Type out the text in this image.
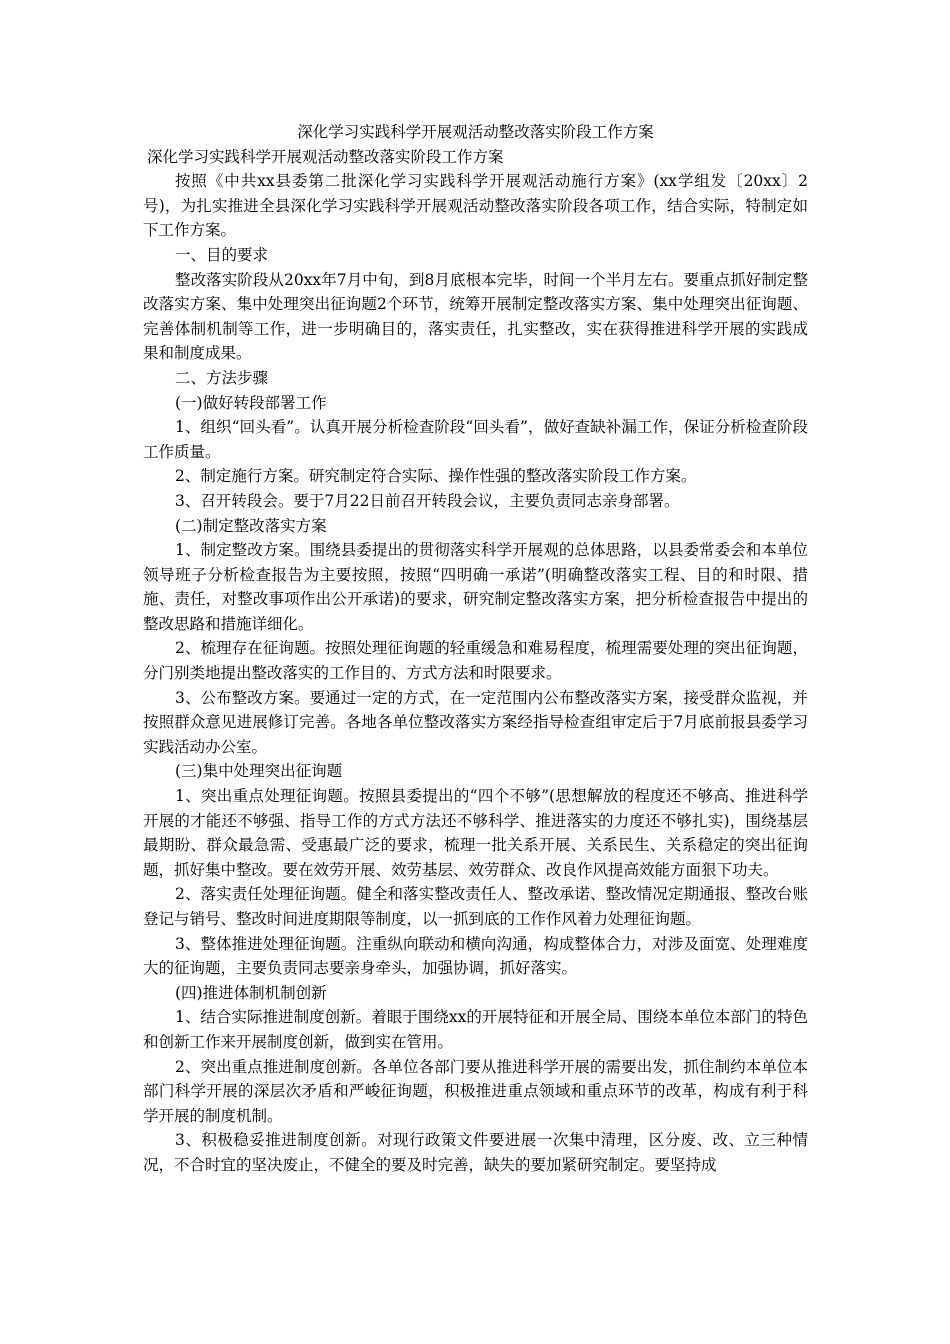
深化学习实践科学开展观活动整改落实阶段工作方案

深化学习实践科学开展观活动整改落实阶段工作方案

按照《中共xx县委第二批深化学习实践科学开展观活动施行方案》(xx学组发〔20xx〕2号)，为扎实推进全县深化学习实践科学开展观活动整改落实阶段各项工作，结合实际，特制定如下工作方案。

一、目的要求

整改落实阶段从20xx年7月中旬，到8月底根本完毕，时间一个半月左右。要重点抓好制定整改落实方案、集中处理突出征询题2个环节，统筹开展制定整改落实方案、集中处理突出征询题、完善体制机制等工作，进一步明确目的，落实责任，扎实整改，实在获得推进科学开展的实践成果和制度成果。

二、方法步骤

(一)做好转段部署工作

1、组织“回头看”。认真开展分析检查阶段“回头看”，做好查缺补漏工作，保证分析检查阶段工作质量。

2、制定施行方案。研究制定符合实际、操作性强的整改落实阶段工作方案。

3、召开转段会。要于7月22日前召开转段会议，主要负责同志亲身部署。

(二)制定整改落实方案

1、制定整改方案。围绕县委提出的贯彻落实科学开展观的总体思路，以县委常委会和本单位领导班子分析检查报告为主要按照，按照“四明确一承诺”(明确整改落实工程、目的和时限、措施、责任，对整改事项作出公开承诺)的要求，研究制定整改落实方案，把分析检查报告中提出的整改思路和措施详细化。

2、梳理存在征询题。按照处理征询题的轻重缓急和难易程度，梳理需要处理的突出征询题，分门别类地提出整改落实的工作目的、方式方法和时限要求。

3、公布整改方案。要通过一定的方式，在一定范围内公布整改落实方案，接受群众监视，并按照群众意见进展修订完善。各地各单位整改落实方案经指导检查组审定后于7月底前报县委学习实践活动办公室。

(三)集中处理突出征询题

1、突出重点处理征询题。按照县委提出的“四个不够”(思想解放的程度还不够高、推进科学开展的才能还不够强、指导工作的方式方法还不够科学、推进落实的力度还不够扎实)，围绕基层最期盼、群众最急需、受惠最广泛的要求，梳理一批关系开展、关系民生、关系稳定的突出征询题，抓好集中整改。要在效劳开展、效劳基层、效劳群众、改良作风提高效能方面狠下功夫。

2、落实责任处理征询题。健全和落实整改责任人、整改承诺、整改情况定期通报、整改台账登记与销号、整改时间进度期限等制度，以一抓到底的工作作风着力处理征询题。

3、整体推进处理征询题。注重纵向联动和横向沟通，构成整体合力，对涉及面宽、处理难度大的征询题，主要负责同志要亲身牵头，加强协调，抓好落实。

(四)推进体制机制创新

1、结合实际推进制度创新。着眼于围绕xx的开展特征和开展全局、围绕本单位本部门的特色和创新工作来开展制度创新，做到实在管用。

2、突出重点推进制度创新。各单位各部门要从推进科学开展的需要出发，抓住制约本单位本部门科学开展的深层次矛盾和严峻征询题，积极推进重点领域和重点环节的改革，构成有利于科学开展的制度机制。

3、积极稳妥推进制度创新。对现行政策文件要进展一次集中清理，区分废、改、立三种情况，不合时宜的坚决废止，不健全的要及时完善，缺失的要加紧研究制定。要坚持成
